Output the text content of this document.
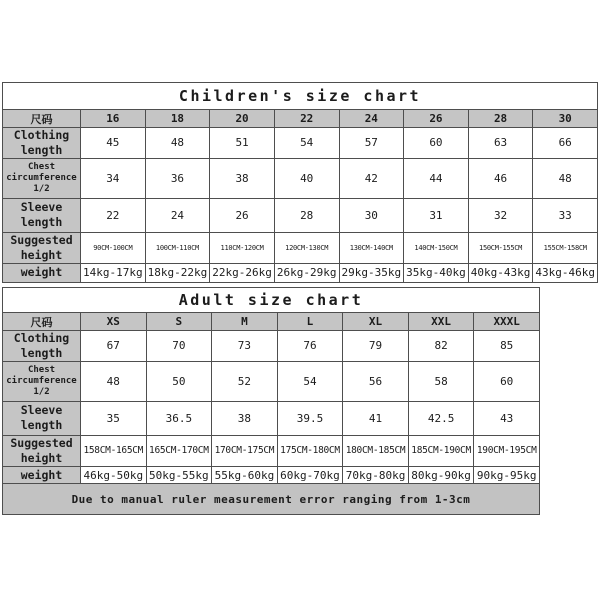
Children's size chart								
尺码	16	18	20	22	24	26	28	30
Clothing length	45	48	51	54	57	60	63	66
Chest circumference 1/2	34	36	38	40	42	44	46	48
Sleeve length	22	24	26	28	30	31	32	33
Suggested height	90CM-100CM	100CM-110CM	110CM-120CM	120CM-130CM	130CM-140CM	140CM-150CM	150CM-155CM	155CM-158CM
weight	14kg-17kg	18kg-22kg	22kg-26kg	26kg-29kg	29kg-35kg	35kg-40kg	40kg-43kg	43kg-46kg
Adult size chart							
尺码	XS	S	M	L	XL	XXL	XXXL
Clothing length	67	70	73	76	79	82	85
Chest circumference 1/2	48	50	52	54	56	58	60
Sleeve length	35	36.5	38	39.5	41	42.5	43
Suggested height	158CM-165CM	165CM-170CM	170CM-175CM	175CM-180CM	180CM-185CM	185CM-190CM	190CM-195CM
weight	46kg-50kg	50kg-55kg	55kg-60kg	60kg-70kg	70kg-80kg	80kg-90kg	90kg-95kg
Due to manual ruler measurement error ranging from 1-3cm
